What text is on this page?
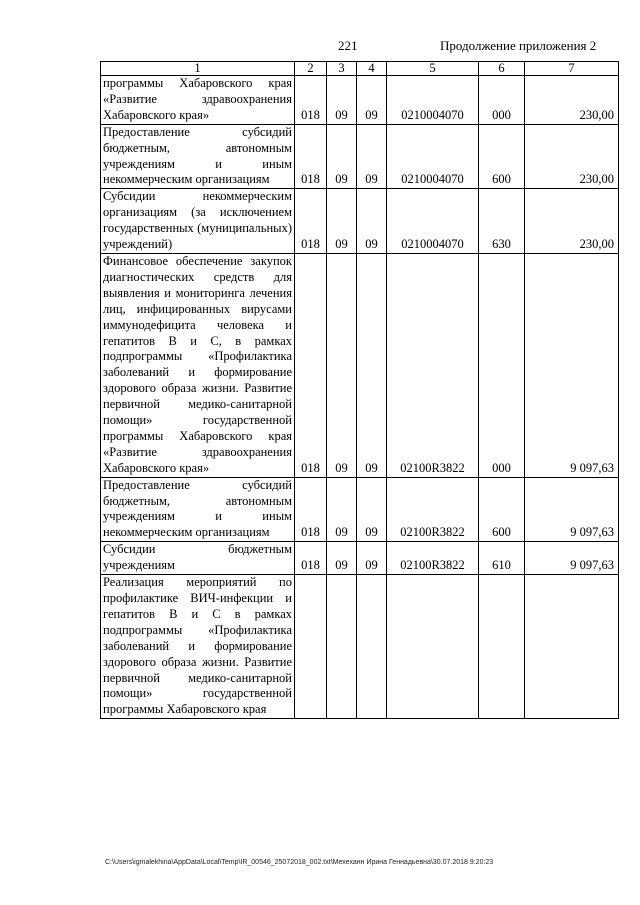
221	Продолжение приложения 2
1	2	3	4	5	6	7
программы Хабаровского края «Развитие здравоохранения Хабаровского края»	018	09	09	0210004070	000	230,00
Предоставление субсидий бюджетным, автономным учреждениям и иным некоммерческим организациям	018	09	09	0210004070	600	230,00
Субсидии некоммерческим организациям (за исключением государственных (муниципальных) учреждений)	018	09	09	0210004070	630	230,00
Финансовое обеспечение закупок диагностических средств для выявления и мониторинга лечения лиц, инфицированных вирусами иммунодефицита человека и гепатитов В и С, в рамках подпрограммы «Профилактика заболеваний и формирование здорового образа жизни. Развитие первичной медико-санитарной помощи» государственной программы Хабаровского края «Развитие здравоохранения Хабаровского края»	018	09	09	02100R3822	000	9 097,63
Предоставление субсидий бюджетным, автономным учреждениям и иным некоммерческим организациям	018	09	09	02100R3822	600	9 097,63
Субсидии бюджетным учреждениям	018	09	09	02100R3822	610	9 097,63
Реализация мероприятий по профилактике ВИЧ-инфекции и гепатитов В и С в рамках подпрограммы «Профилактика заболеваний и формирование здорового образа жизни. Развитие первичной медико-санитарной помощи» государственной программы Хабаровского края						
C:\Users\igmalekhina\AppData\Local\Temp\IR_00546_25072018_002.txt\Мехеханн Ирина Геннадьевна\30.07.2018 9:20:23
